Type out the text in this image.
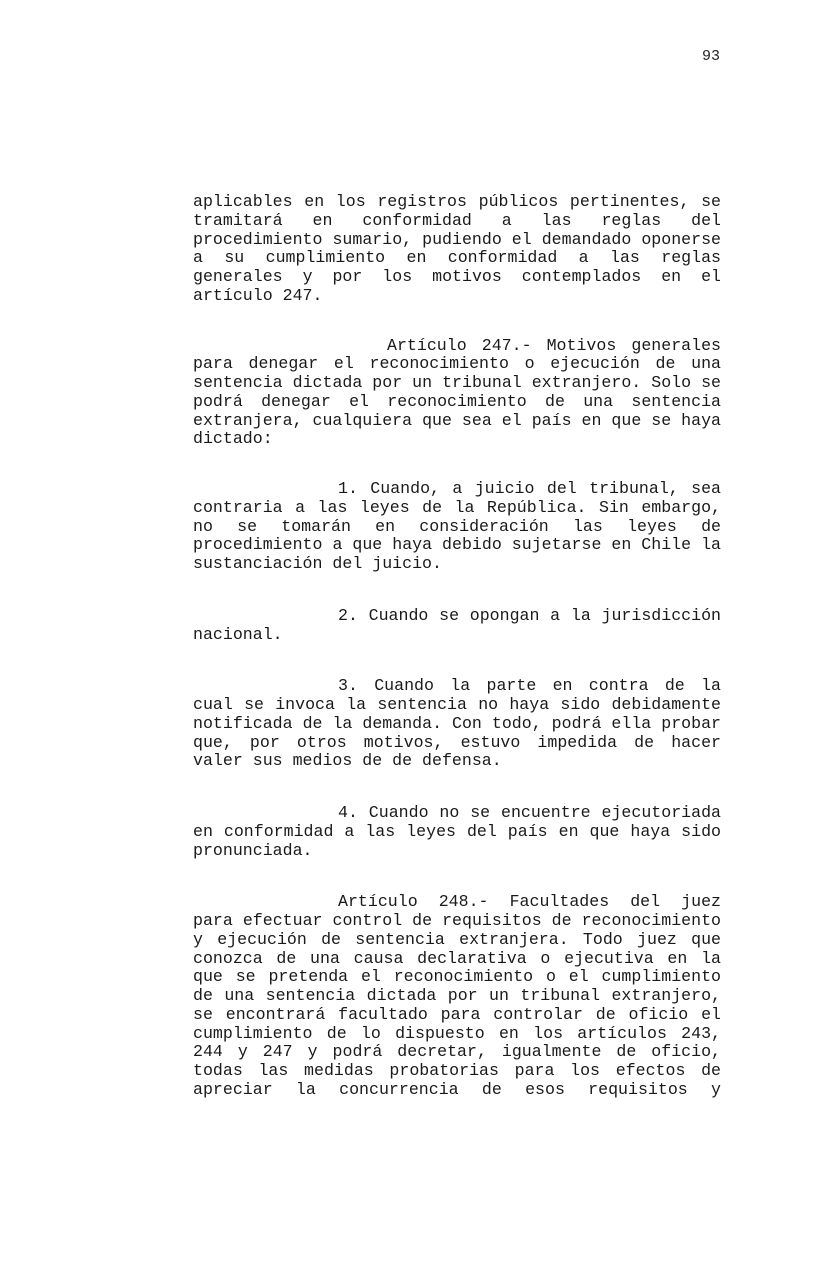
93
aplicables en los registros públicos pertinentes, se
tramitará en conformidad a las reglas del
procedimiento sumario, pudiendo el demandado oponerse
a su cumplimiento en conformidad a las reglas
generales y por los motivos contemplados en el
artículo 247.
Artículo 247.- Motivos generales
para denegar el reconocimiento o ejecución de una
sentencia dictada por un tribunal extranjero. Solo se
podrá denegar el reconocimiento de una sentencia
extranjera, cualquiera que sea el país en que se haya
dictado:
1. Cuando, a juicio del tribunal, sea
contraria a las leyes de la República. Sin embargo,
no se tomarán en consideración las leyes de
procedimiento a que haya debido sujetarse en Chile la
sustanciación del juicio.
2. Cuando se opongan a la jurisdicción
nacional.
3. Cuando la parte en contra de la
cual se invoca la sentencia no haya sido debidamente
notificada de la demanda. Con todo, podrá ella probar
que, por otros motivos, estuvo impedida de hacer
valer sus medios de de defensa.
4. Cuando no se encuentre ejecutoriada
en conformidad a las leyes del país en que haya sido
pronunciada.
Artículo 248.- Facultades del juez
para efectuar control de requisitos de reconocimiento
y ejecución de sentencia extranjera. Todo juez que
conozca de una causa declarativa o ejecutiva en la
que se pretenda el reconocimiento o el cumplimiento
de una sentencia dictada por un tribunal extranjero,
se encontrará facultado para controlar de oficio el
cumplimiento de lo dispuesto en los artículos 243,
244 y 247 y podrá decretar, igualmente de oficio,
todas las medidas probatorias para los efectos de
apreciar la concurrencia de esos requisitos y
